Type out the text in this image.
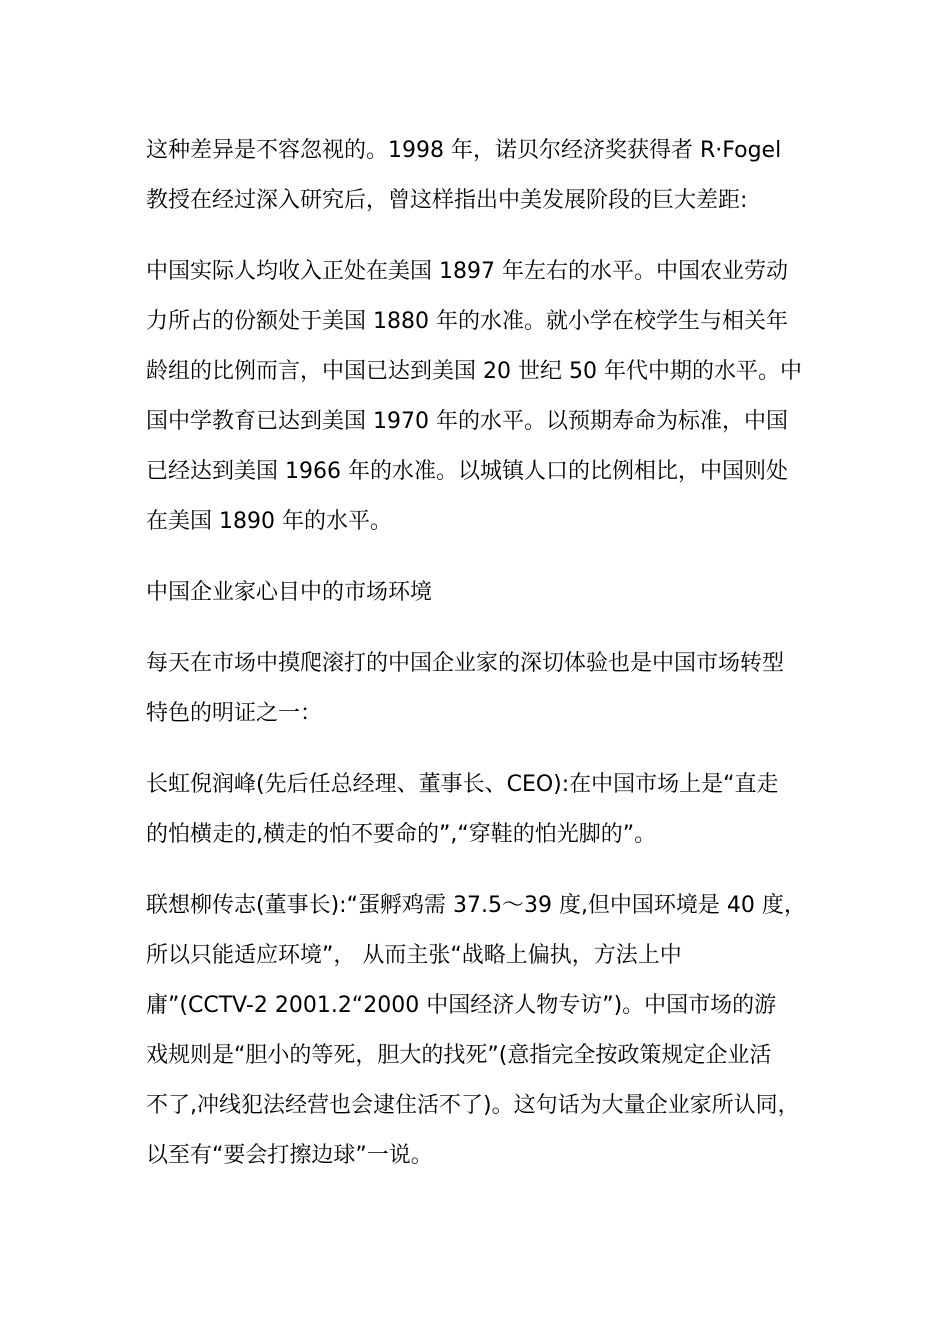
这种差异是不容忽视的。1998 年，诺贝尔经济奖获得者 R·Fogel
教授在经过深入研究后，曾这样指出中美发展阶段的巨大差距:
中国实际人均收入正处在美国 1897 年左右的水平。中国农业劳动
力所占的份额处于美国 1880 年的水准。就小学在校学生与相关年
龄组的比例而言，中国已达到美国 20 世纪 50 年代中期的水平。中
国中学教育已达到美国 1970 年的水平。以预期寿命为标准，中国
已经达到美国 1966 年的水准。以城镇人口的比例相比，中国则处
在美国 1890 年的水平。
中国企业家心目中的市场环境
每天在市场中摸爬滚打的中国企业家的深切体验也是中国市场转型
特色的明证之一：
长虹倪润峰(先后任总经理、董事长、CEO):在中国市场上是“直走
的怕横走的,横走的怕不要命的”,“穿鞋的怕光脚的”。
联想柳传志(董事长):“蛋孵鸡需 37.5～39 度,但中国环境是 40 度，
所以只能适应环境”， 从而主张“战略上偏执，方法上中
庸”(CCTV-2 2001.2“2000 中国经济人物专访”)。中国市场的游
戏规则是“胆小的等死，胆大的找死”(意指完全按政策规定企业活
不了,冲线犯法经营也会逮住活不了)。这句话为大量企业家所认同，
以至有“要会打擦边球”一说。
